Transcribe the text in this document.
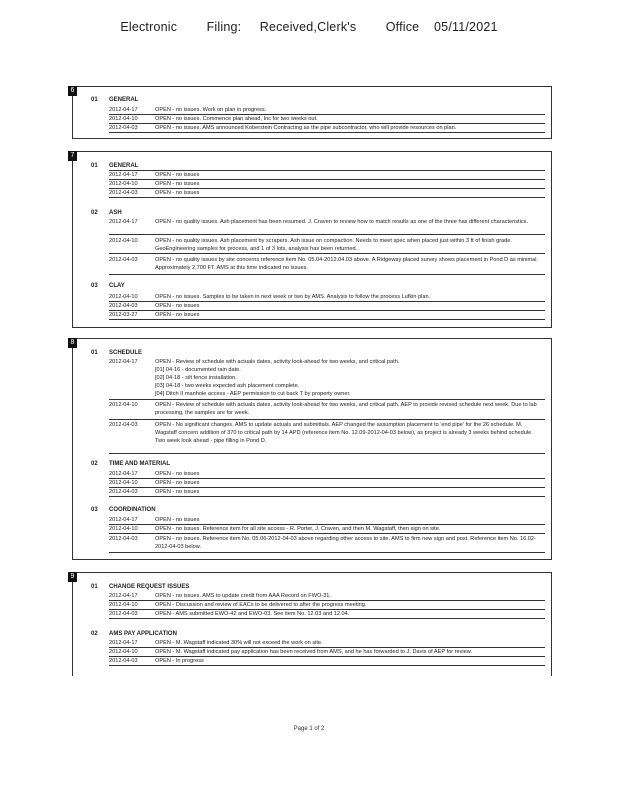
Electronic Filing: Received,Clerk's Office 05/11/2021
6
01	GENERAL
2012-04-17	OPEN - no issues. Work on plan in progress.
2012-04-10	OPEN - no issues. Commence plan ahead, Inc for two weeks out.
2012-04-03	OPEN - no issues. AMS announced Koberstein Contracting as the pipe subcontractor, who will provide resources on plan.
7
01	GENERAL
2012-04-17	OPEN - no issues
2012-04-10	OPEN - no issues
2012-04-03	OPEN - no issues
02	ASH
2012-04-17	OPEN - no quality issues. Ash placement has been resumed. J. Craven to review how to match results as one of the three has different characteristics.
2012-04-10	OPEN - no quality issues. Ash placement by scrapers. Ash issue on compaction. Needs to meet spec when placed just within 3 ft of finish grade. GeoEngineering samples for process, and 1 of 3 lots, analysis has been returned.
2012-04-03	OPEN - no quality issues by site concerns reference item No. 05.04-2012.04.03 above. A Ridgeway placed survey shows placement in Pond D as minimal. Approximately 2,700 FT. AMS at this time indicated no issues.
03	CLAY
2012-04-10	OPEN - no issues. Samples to be taken in next week or two by AMS. Analysis to follow the process Lufkin plan.
2012-04-03	OPEN - no issues
2012-03-27	OPEN - no issues
8
01	SCHEDULE
2012-04-17	OPEN - Review of schedule with actuals dates, activity look-ahead for two weeks, and critical path.
[01] 04-16 - documented rain date.
[02] 04-18 - silt fence installation.
[03] 04-18 - two weeks expected ash placement complete.
[04] Ditch II manhole access - AEP permission to cut back T by property owner.
2012-04-10	OPEN - Review of schedule with actuals dates, activity look-ahead for two weeks, and critical path. AEP to provide revised schedule next week. Due to lab processing, the samples are for week.
2012-04-03	OPEN - No significant changes. AMS to update actuals and submittals. AEP changed the assumption placement to 'end pipe' for the 26 schedule. M. Wagstaff concern addition of 370 to critical path by 14 APD (reference item No. 12.09-2012-04-03 below), as project is already 3 weeks behind schedule. Two week look ahead - pipe filling in Pond D.
02	TIME AND MATERIAL
2012-04-17	OPEN - no issues
2012-04-10	OPEN - no issues
2012-04-03	OPEN - no issues
03	COORDINATION
2012-04-17	OPEN - no issues
2012-04-10	OPEN - no issues. Reference item for all site access - R. Porter, J. Craven, and then M. Wagstaff, then sign on site.
2012-04-03	OPEN - no issues. Reference item No. 05.06-2012-04-03 above regarding other access to site. AMS to firm new sign and post. Reference item No. 16.02-2012-04-03 below.
9
01	CHANGE REQUEST ISSUES
2012-04-17	OPEN - no issues. AMS to update credit from AAA Record on FWO-31.
2012-04-10	OPEN - Discussion and review of EACs to be delivered to after the progress meeting.
2012-04-03	OPEN - AMS submitted EWO-42 and EWO-03. See item No. 12.03 and 12.04.
02	AMS PAY APPLICATION
2012-04-17	OPEN - M. Wagstaff indicated 30% will not exceed the work on site.
2012-04-10	OPEN - M. Wagstaff indicated pay application has been received from AMS, and he has forwarded to J. Davis of AEP for review.
2012-04-03	OPEN - In progress
Page 1 of 2
